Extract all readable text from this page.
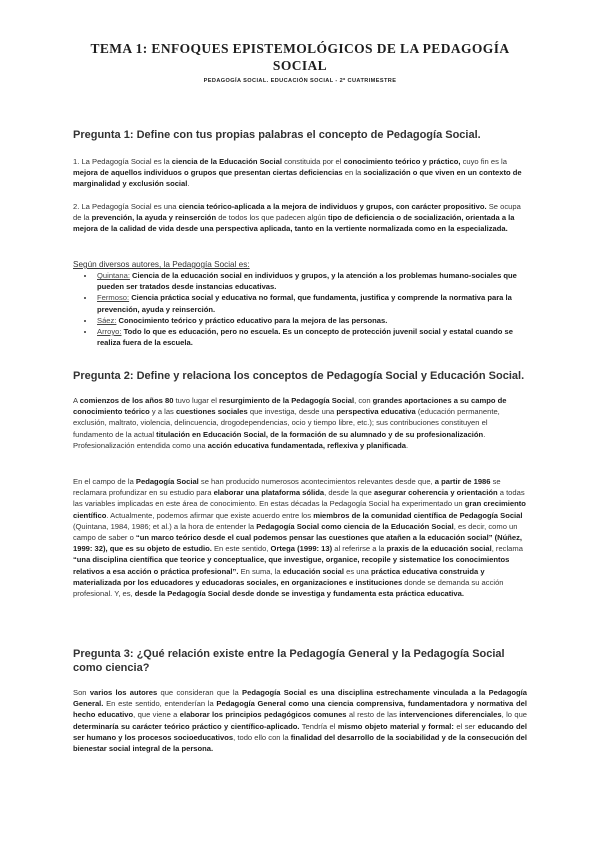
TEMA 1: ENFOQUES EPISTEMOLÓGICOS DE LA PEDAGOGÍA SOCIAL
PEDAGOGÍA SOCIAL. EDUCACIÓN SOCIAL - 2º CUATRIMESTRE
Pregunta 1: Define con tus propias palabras el concepto de Pedagogía Social.

1. La Pedagogía Social es la ciencia de la Educación Social constituida por el conocimiento teórico y práctico, cuyo fin es la mejora de aquellos individuos o grupos que presentan ciertas deficiencias en la socialización o que viven en un contexto de marginalidad y exclusión social.

2. La Pedagogía Social es una ciencia teórico-aplicada a la mejora de individuos y grupos, con carácter propositivo. Se ocupa de la prevención, la ayuda y reinserción de todos los que padecen algún tipo de deficiencia o de socialización, orientada a la mejora de la calidad de vida desde una perspectiva aplicada, tanto en la vertiente normalizada como en la especializada.

Según diversos autores, la Pedagogía Social es:
• Quintana: Ciencia de la educación social en individuos y grupos, y la atención a los problemas humano-sociales que pueden ser tratados desde instancias educativas.
• Fermoso: Ciencia práctica social y educativa no formal, que fundamenta, justifica y comprende la normativa para la prevención, ayuda y reinserción.
• Sáez: Conocimiento teórico y práctico educativo para la mejora de las personas.
• Arroyo: Todo lo que es educación, pero no escuela. Es un concepto de protección juvenil social y estatal cuando se realiza fuera de la escuela.
Pregunta 2: Define y relaciona los conceptos de Pedagogía Social y Educación Social.

A comienzos de los años 80 tuvo lugar el resurgimiento de la Pedagogía Social, con grandes aportaciones a su campo de conocimiento teórico y a las cuestiones sociales que investiga, desde una perspectiva educativa (educación permanente, exclusión, maltrato, violencia, delincuencia, drogodependencias, ocio y tiempo libre, etc.); sus contribuciones constituyen el fundamento de la actual titulación en Educación Social, de la formación de su alumnado y de su profesionalización. Profesionalización entendida como una acción educativa fundamentada, reflexiva y planificada.

En el campo de la Pedagogía Social se han producido numerosos acontecimientos relevantes desde que, a partir de 1986 se reclamara profundizar en su estudio para elaborar una plataforma sólida, desde la que asegurar coherencia y orientación a todas las variables implicadas en este área de conocimiento. En estas décadas la Pedagogía Social ha experimentado un gran crecimiento científico. Actualmente, podemos afirmar que existe acuerdo entre los miembros de la comunidad científica de Pedagogía Social (Quintana, 1984, 1986; et al.) a la hora de entender la Pedagogía Social como ciencia de la Educación Social, es decir, como un campo de saber o “un marco teórico desde el cual podemos pensar las cuestiones que atañen a la educación social” (Núñez, 1999: 32), que es su objeto de estudio. En este sentido, Ortega (1999: 13) al referirse a la praxis de la educación social, reclama “una disciplina científica que teorice y conceptualice, que investigue, organice, recopile y sistematice los conocimientos relativos a esa acción o práctica profesional”. En suma, la educación social es una práctica educativa construida y materializada por los educadores y educadoras sociales, en organizaciones e instituciones donde se demanda su acción profesional. Y, es, desde la Pedagogía Social desde donde se investiga y fundamenta esta práctica educativa.

Pregunta 3: ¿Qué relación existe entre la Pedagogía General y la Pedagogía Social como ciencia?

Son varios los autores que consideran que la Pedagogía Social es una disciplina estrechamente vinculada a la Pedagogía General. En este sentido, entenderían la Pedagogía General como una ciencia comprensiva, fundamentadora y normativa del hecho educativo, que viene a elaborar los principios pedagógicos comunes al resto de las intervenciones diferenciales, lo que determinaría su carácter teórico práctico y científico-aplicado. Tendría el mismo objeto material y formal: el ser educando del ser humano y los procesos socioeducativos, todo ello con la finalidad del desarrollo de la sociabilidad y de la consecución del bienestar social integral de la persona.
